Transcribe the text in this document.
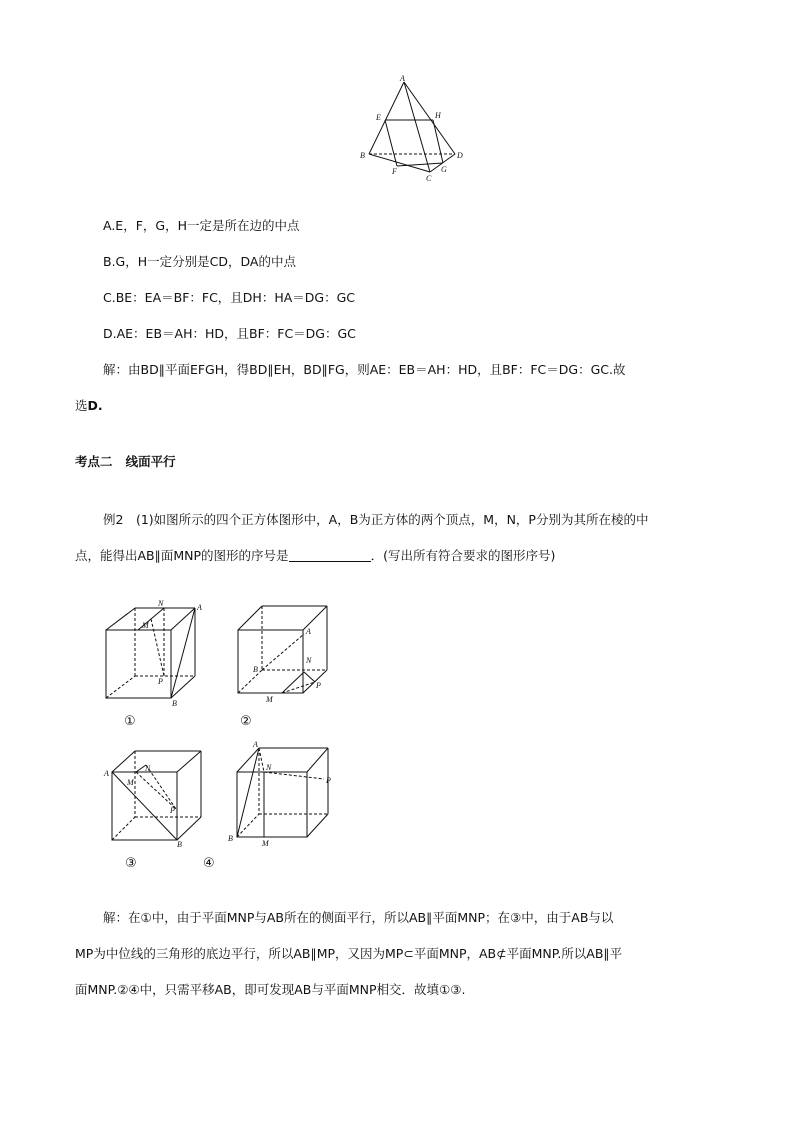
A
E	H
B	D
F
C
G
A.E，F，G，H一定是所在边的中点
B.G，H一定分别是CD，DA的中点
C.BE：EA＝BF：FC，且DH：HA＝DG：GC
D.AE：EB＝AH：HD，且BF：FC＝DG：GC
解：由BD∥平面EFGH，得BD∥EH，BD∥FG，则AE：EB＝AH：HD，且BF：FC＝DG：GC.故
选D.
考点二 线面平行
例2　(1)如图所示的四个正方体图形中，A，B为正方体的两个顶点，M，N，P分别为其所在棱的中
点，能得出AB∥面MNP的图形的序号是	．(写出所有符合要求的图形序号)
N	A
M
P
B
①
A
B
N
P
M
②
A
N
M
P
B
③	④
A
N
P
B
M
解：在①中，由于平面MNP与AB所在的侧面平行，所以AB∥平面MNP；在③中，由于AB与以
MP为中位线的三角形的底边平行，所以AB∥MP，又因为MP⊂平面MNP，AB⊄平面MNP.所以AB∥平
面MNP.②④中，只需平移AB，即可发现AB与平面MNP相交．故填①③.
